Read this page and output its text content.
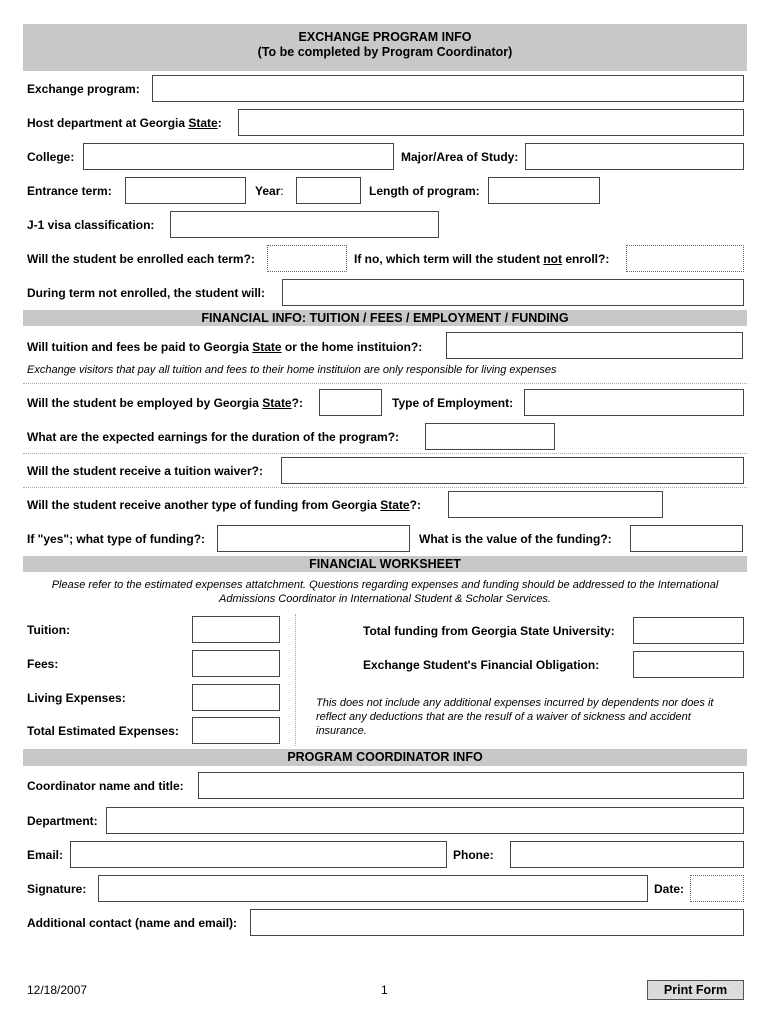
EXCHANGE PROGRAM INFO
(To be completed by Program Coordinator)
Exchange program:
Host department at Georgia State:
College:	Major/Area of Study:
Entrance term:	Year:	Length of program:
J-1 visa classification:
Will the student be enrolled each term?:	If no, which term will the student not enroll?:
During term not enrolled, the student will:
FINANCIAL INFO: TUITION / FEES / EMPLOYMENT / FUNDING
Will tuition and fees be paid to Georgia State or the home instituion?:
Exchange visitors that pay all tuition and fees to their home instituion are only responsible for living expenses
Will the student be employed by Georgia State?:	Type of Employment:
What are the expected earnings for the duration of the program?:
Will the student receive a tuition waiver?:
Will the student receive another type of funding from Georgia State?:
If "yes"; what type of funding?:	What is the value of the funding?:
FINANCIAL WORKSHEET
Please refer to the estimated expenses attatchment. Questions regarding expenses and funding should be addressed to the International
Admissions Coordinator in International Student & Scholar Services.
Tuition:
Fees:
Living Expenses:
Total Estimated Expenses:
Total funding from Georgia State University:
Exchange Student's Financial Obligation:
This does not include any additional expenses incurred by dependents nor does it
reflect any deductions that are the resulf of a waiver of sickness and accident
insurance.
PROGRAM COORDINATOR INFO
Coordinator name and title:
Department:
Email:	Phone:
Signature:	Date:
Additional contact (name and email):
12/18/2007	1	Print Form
